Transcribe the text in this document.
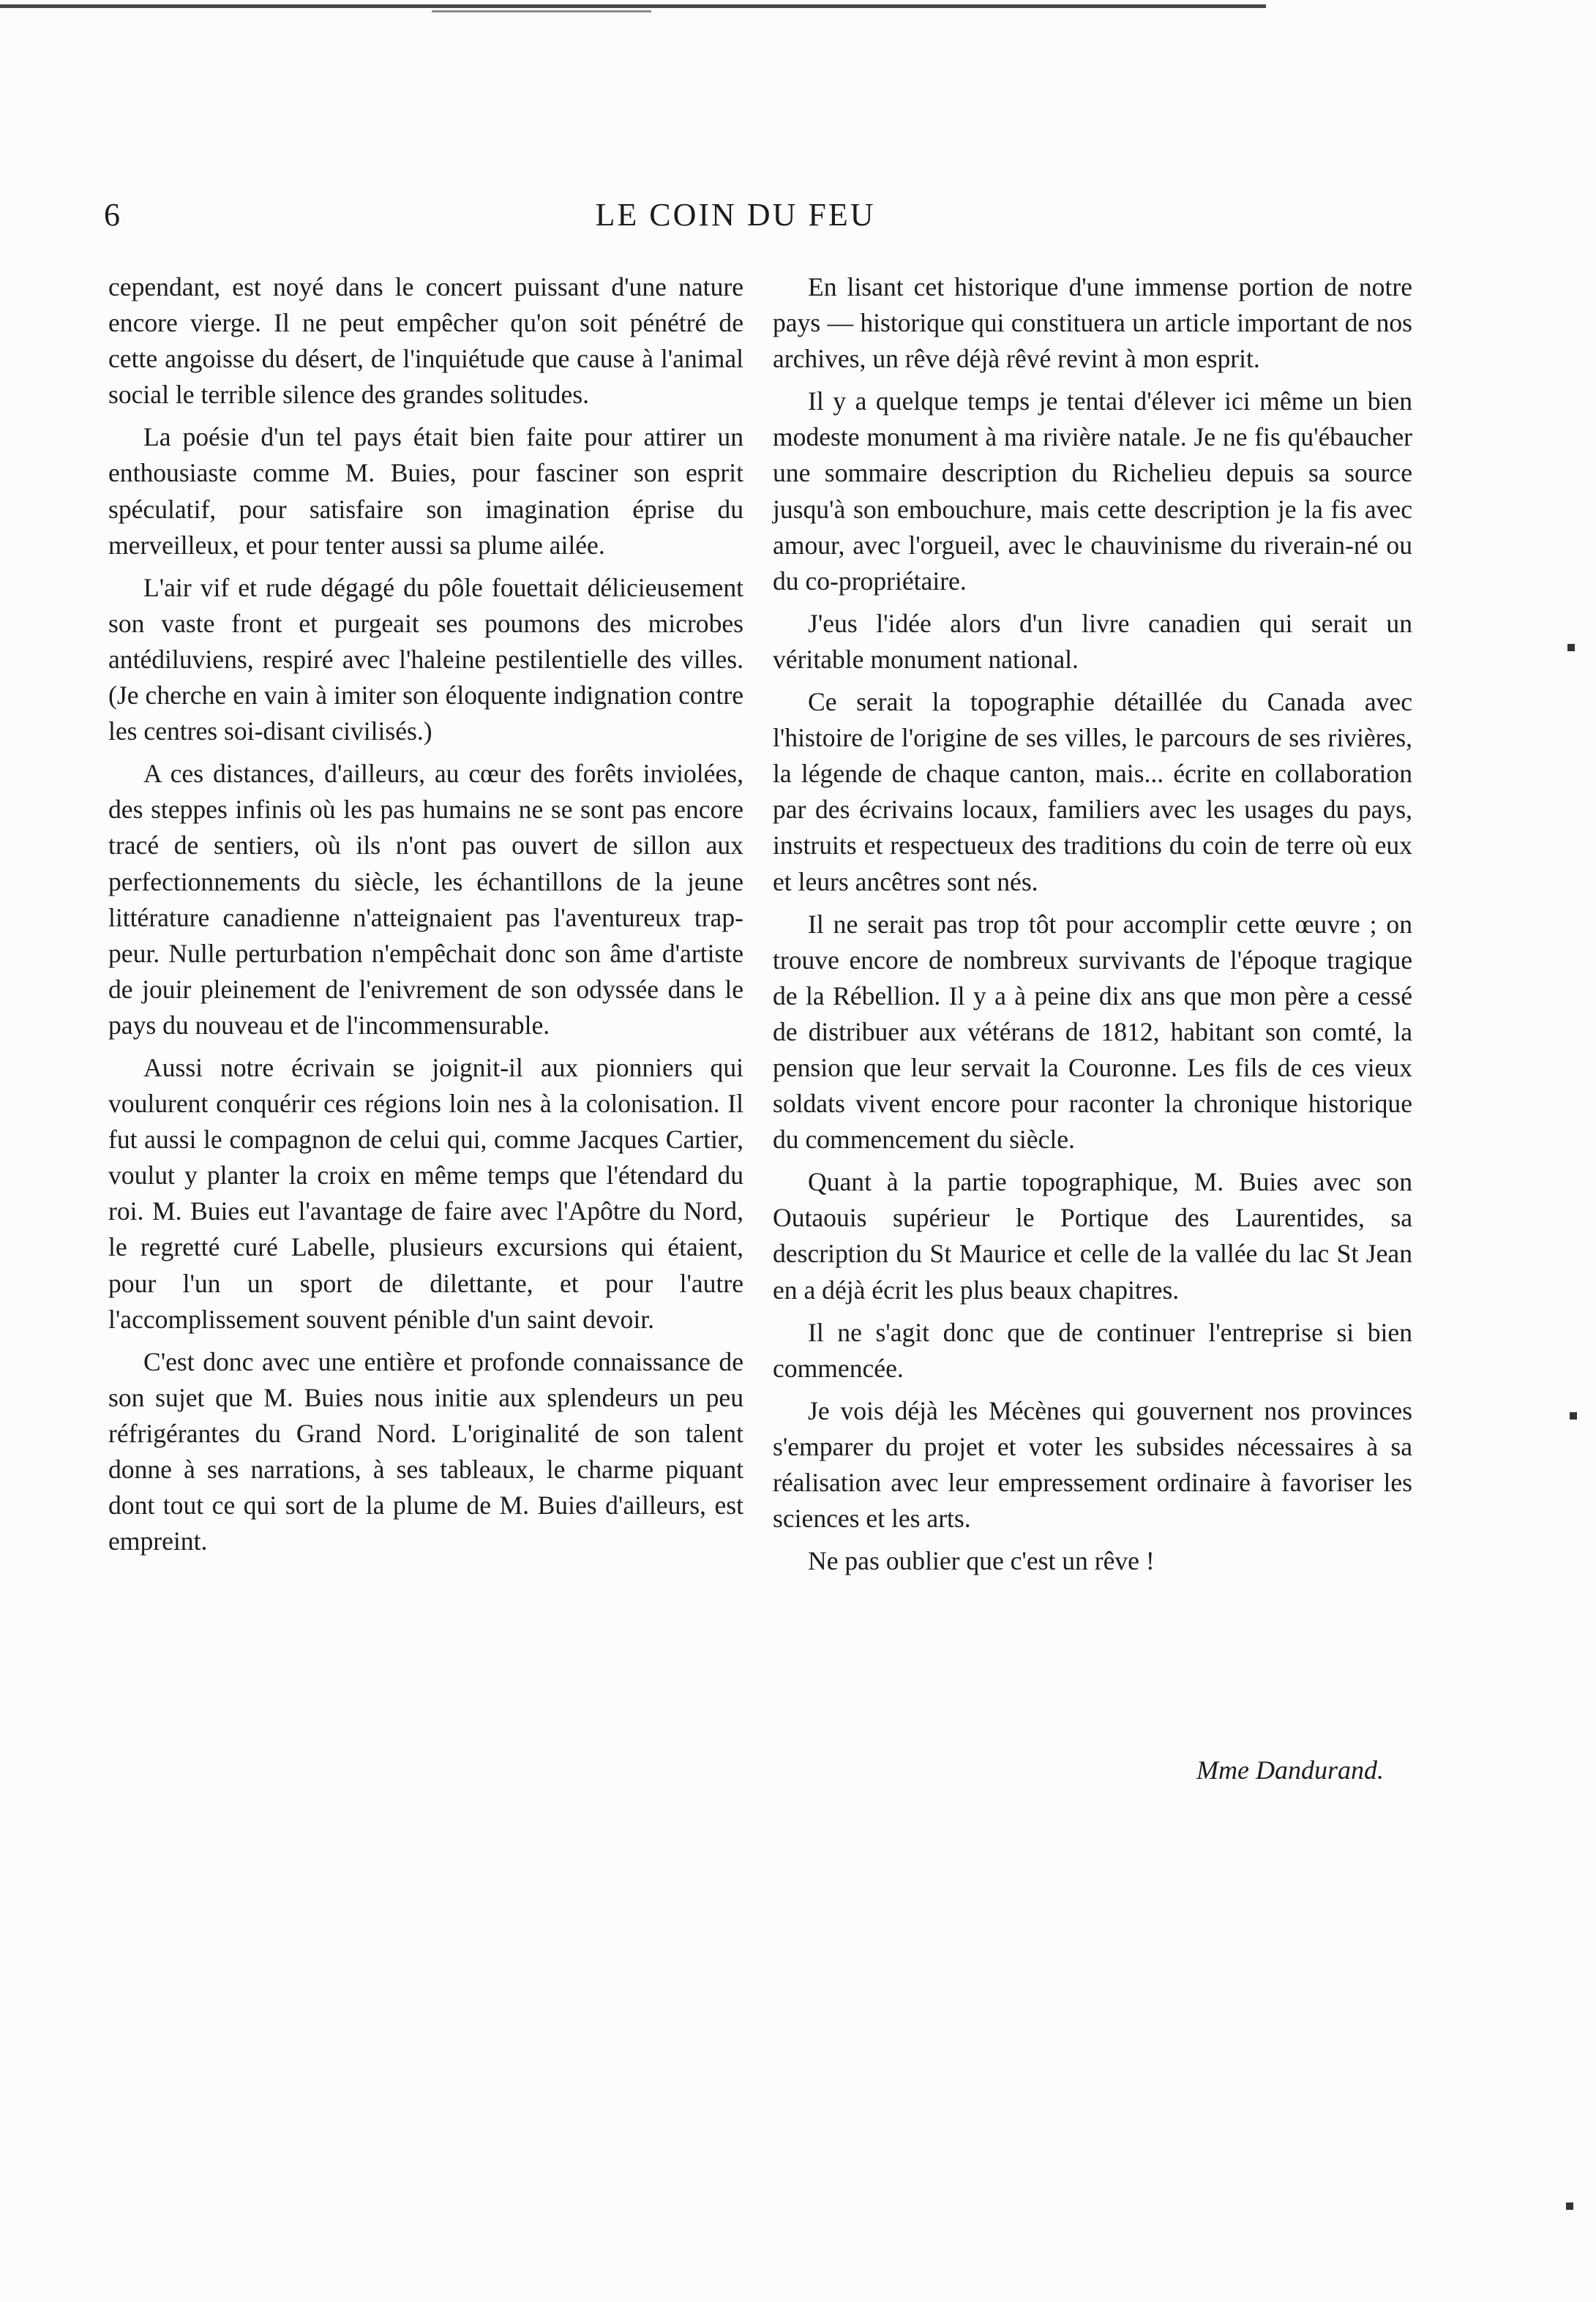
6	LE COIN DU FEU

cependant, est noyé dans le concert puissant d'une nature encore vierge. Il ne peut empêcher qu'on soit pénétré de cette angoisse du désert, de l'inquiétude que cause à l'animal social le terrible silence des grandes solitudes.

La poésie d'un tel pays était bien faite pour attirer un enthousiaste comme M. Buies, pour fasciner son esprit spéculatif, pour satisfaire son imagination éprise du merveilleux, et pour tenter aussi sa plume ailée.

L'air vif et rude dégagé du pôle fouettait délicieusement son vaste front et purgeait ses poumons des microbes antédiluviens, respiré avec l'haleine pestilentielle des villes. (Je cherche en vain à imiter son éloquente indignation contre les centres soi-disant civilisés.)

A ces distances, d'ailleurs, au cœur des forêts inviolées, des steppes infinis où les pas humains ne se sont pas encore tracé de sentiers, où ils n'ont pas ouvert de sillon aux perfectionnements du siècle, les échantillons de la jeune littérature canadienne n'atteignaient pas l'aventureux trappeur. Nulle perturbation n'empêchait donc son âme d'artiste de jouir pleinement de l'enivrement de son odyssée dans le pays du nouveau et de l'incommensurable.

Aussi notre écrivain se joignit-il aux pionniers qui voulurent conquérir ces régions loin nes à la colonisation. Il fut aussi le compagnon de celui qui, comme Jacques Cartier, voulut y planter la croix en même temps que l'étendard du roi. M. Buies eut l'avantage de faire avec l'Apôtre du Nord, le regretté curé Labelle, plusieurs excursions qui étaient, pour l'un un sport de dilettante, et pour l'autre l'accomplissement souvent pénible d'un saint devoir.

C'est donc avec une entière et profonde connaissance de son sujet que M. Buies nous initie aux splendeurs un peu réfrigérantes du Grand Nord. L'originalité de son talent donne à ses narrations, à ses tableaux, le charme piquant dont tout ce qui sort de la plume de M. Buies d'ailleurs, est empreint.

En lisant cet historique d'une immense portion de notre pays — historique qui constituera un article important de nos archives, un rêve déjà rêvé revint à mon esprit.

Il y a quelque temps je tentai d'élever ici même un bien modeste monument à ma rivière natale. Je ne fis qu'ébaucher une sommaire description du Richelieu depuis sa source jusqu'à son embouchure, mais cette description je la fis avec amour, avec l'orgueil, avec le chauvinisme du riverain-né ou du co-propriétaire.

J'eus l'idée alors d'un livre canadien qui serait un véritable monument national.

Ce serait la topographie détaillée du Canada avec l'histoire de l'origine de ses villes, le parcours de ses rivières, la légende de chaque canton, mais... écrite en collaboration par des écrivains locaux, familiers avec les usages du pays, instruits et respectueux des traditions du coin de terre où eux et leurs ancêtres sont nés.

Il ne serait pas trop tôt pour accomplir cette œuvre ; on trouve encore de nombreux survivants de l'époque tragique de la Rébellion. Il y a à peine dix ans que mon père a cessé de distribuer aux vétérans de 1812, habitant son comté, la pension que leur servait la Couronne. Les fils de ces vieux soldats vivent encore pour raconter la chronique historique du commencement du siècle.

Quant à la partie topographique, M. Buies avec son Outaouis supérieur le Portique des Laurentides, sa description du St Maurice et celle de la vallée du lac St Jean en a déjà écrit les plus beaux chapitres.

Il ne s'agit donc que de continuer l'entreprise si bien commencée.

Je vois déjà les Mécènes qui gouvernent nos provinces s'emparer du projet et voter les subsides nécessaires à sa réalisation avec leur empressement ordinaire à favoriser les sciences et les arts.

Ne pas oublier que c'est un rêve !

Mme Dandurand.
